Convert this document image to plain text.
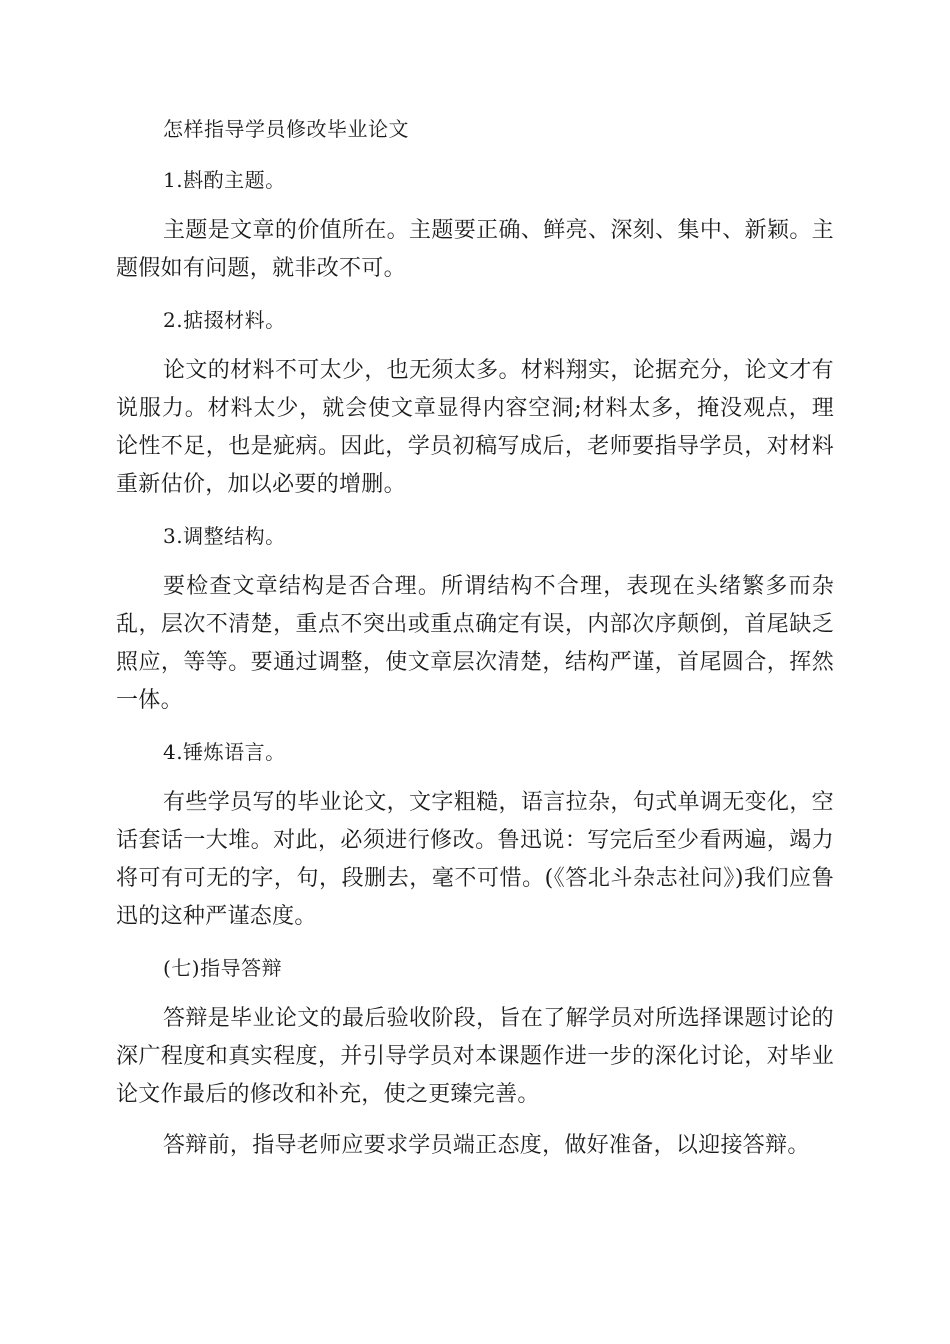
怎样指导学员修改毕业论文

1.斟酌主题。

主题是文章的价值所在。主题要正确、鲜亮、深刻、集中、新颖。主题假如有问题，就非改不可。

2.掂掇材料。

论文的材料不可太少，也无须太多。材料翔实，论据充分，论文才有说服力。材料太少，就会使文章显得内容空洞;材料太多，掩没观点，理论性不足，也是疵病。因此，学员初稿写成后，老师要指导学员，对材料重新估价，加以必要的增删。

3.调整结构。

要检查文章结构是否合理。所谓结构不合理，表现在头绪繁多而杂乱，层次不清楚，重点不突出或重点确定有误，内部次序颠倒，首尾缺乏照应，等等。要通过调整，使文章层次清楚，结构严谨，首尾圆合，挥然一体。

4.锤炼语言。

有些学员写的毕业论文，文字粗糙，语言拉杂，句式单调无变化，空话套话一大堆。对此，必须进行修改。鲁迅说：写完后至少看两遍，竭力将可有可无的字，句，段删去，毫不可惜。(《答北斗杂志社问》)我们应鲁迅的这种严谨态度。

(七)指导答辩

答辩是毕业论文的最后验收阶段，旨在了解学员对所选择课题讨论的深广程度和真实程度，并引导学员对本课题作进一步的深化讨论，对毕业论文作最后的修改和补充，使之更臻完善。

答辩前，指导老师应要求学员端正态度，做好准备，以迎接答辩。
